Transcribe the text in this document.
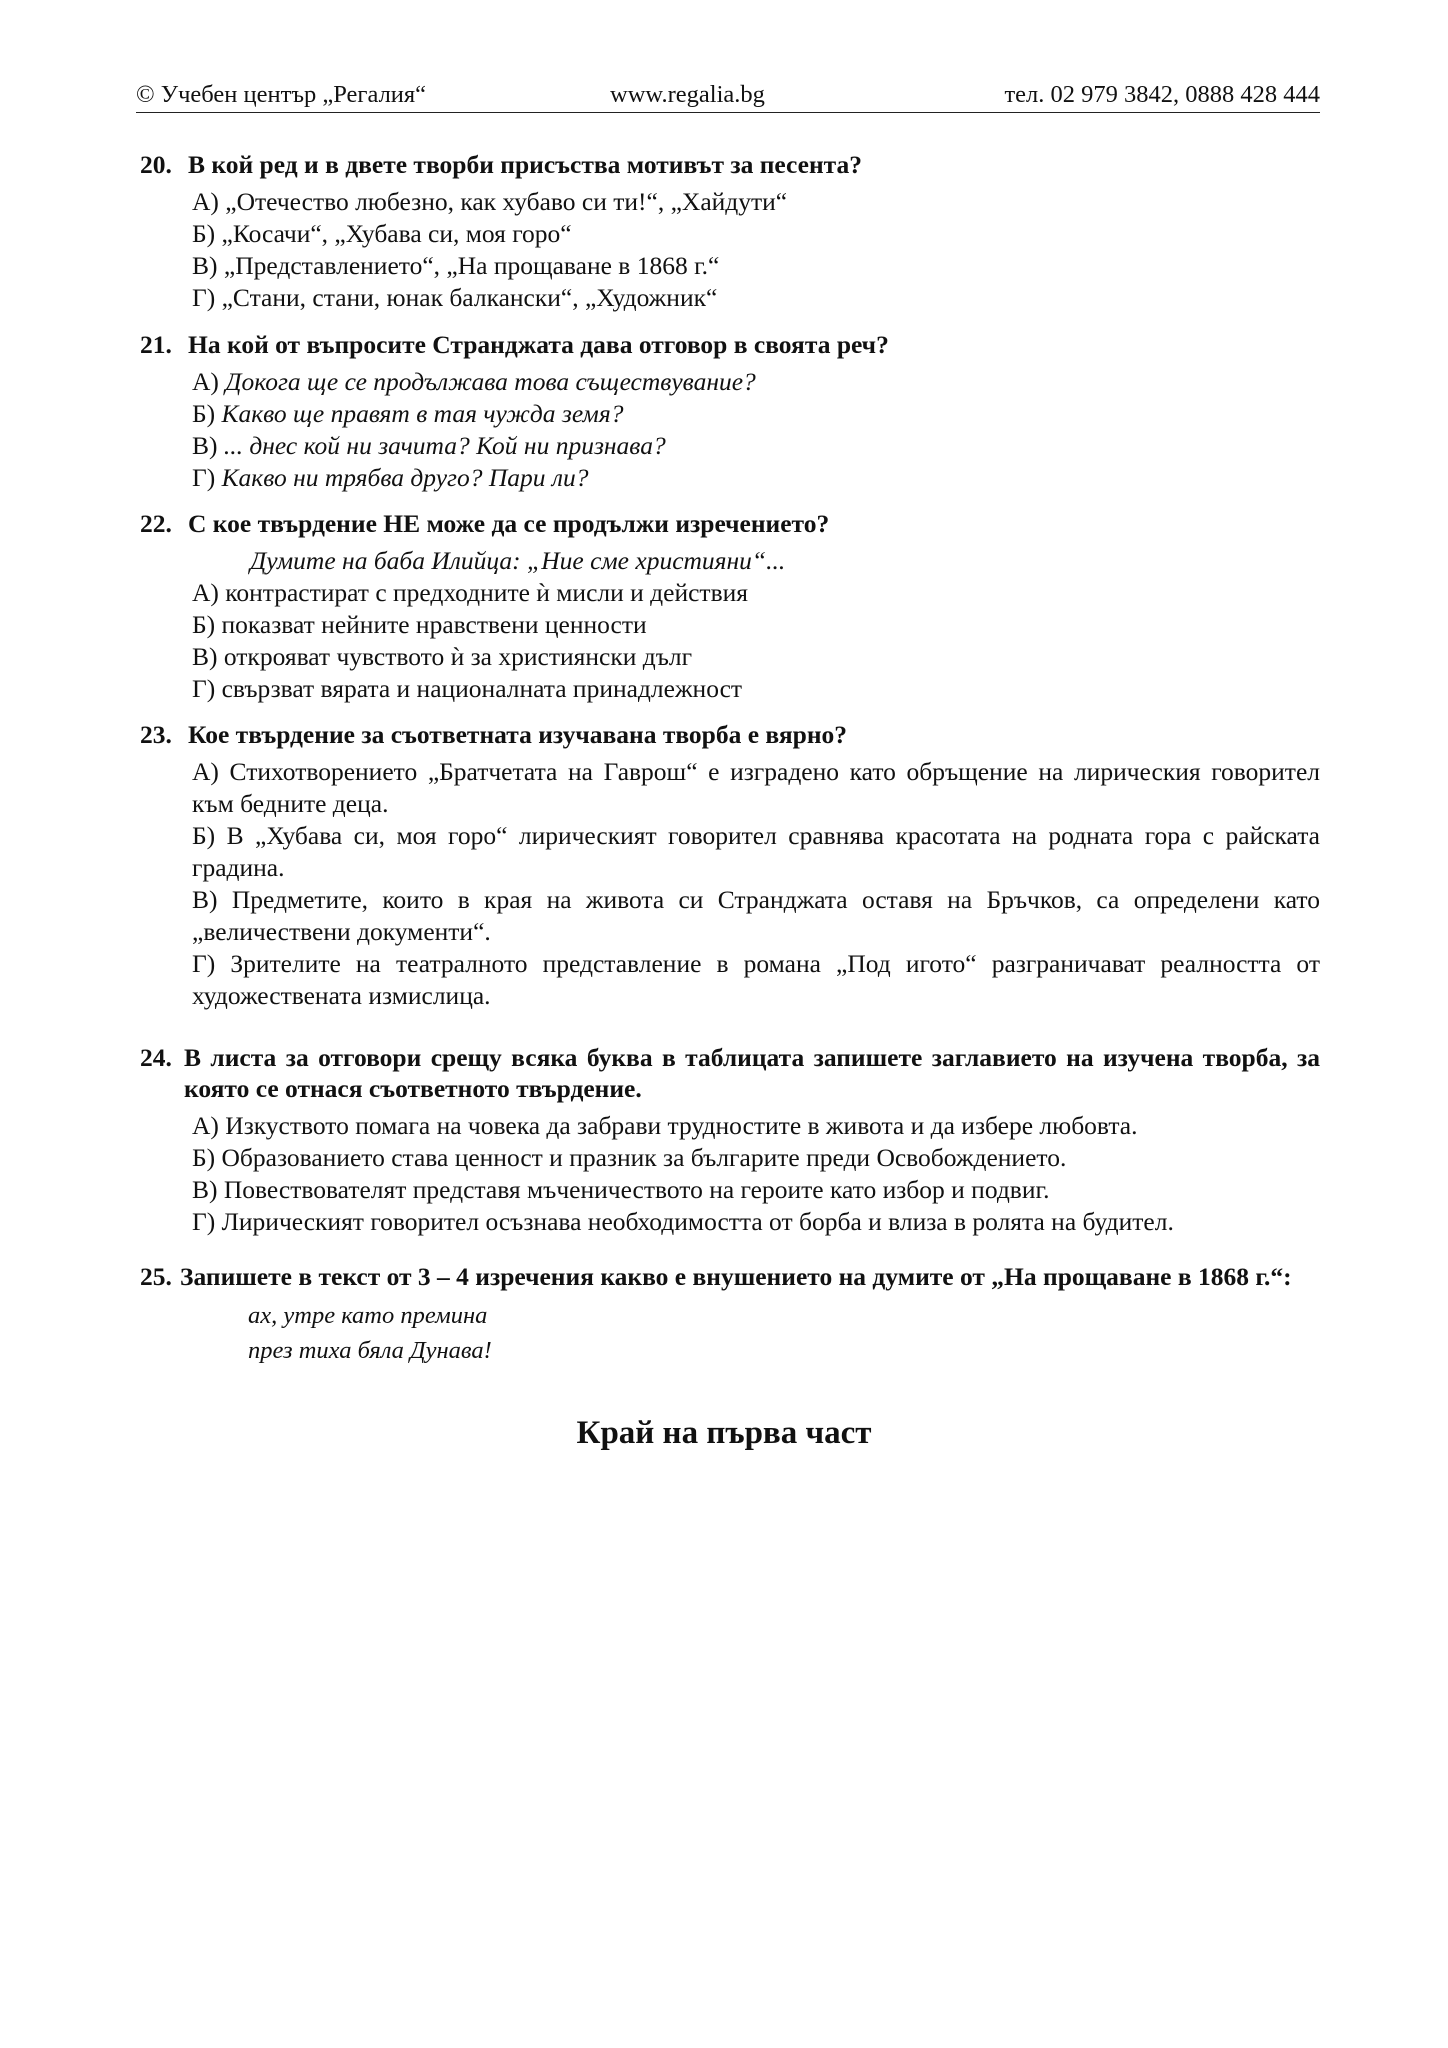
© Учебен център „Регалия“	www.regalia.bg	тел. 02 979 3842, 0888 428 444

20. В кой ред и в двете творби присъства мотивът за песента?

А) „Отечество любезно, как хубаво си ти!“, „Хайдути“
Б) „Косачи“, „Хубава си, моя горо“
В) „Представлението“, „На прощаване в 1868 г.“
Г) „Стани, стани, юнак балкански“, „Художник“

21. На кой от въпросите Странджата дава отговор в своята реч?

А) Докога ще се продължава това съществувание?
Б) Какво ще правят в тая чужда земя?
В) ... днес кой ни зачита? Кой ни признава?
Г) Какво ни трябва друго? Пари ли?

22. С кое твърдение НЕ може да се продължи изречението?

Думите на баба Илийца: „Ние сме християни“...
А) контрастират с предходните ѝ мисли и действия
Б) показват нейните нравствени ценности
В) открояват чувството ѝ за християнски дълг
Г) свързват вярата и националната принадлежност

23. Кое твърдение за съответната изучавана творба е вярно?

А) Стихотворението „Братчетата на Гаврош“ е изградено като обръщение на лирическия говорител към бедните деца.
Б) В „Хубава си, моя горо“ лирическият говорител сравнява красотата на родната гора с райската градина.
В) Предметите, които в края на живота си Странджата оставя на Бръчков, са определени като „величествени документи“.
Г) Зрителите на театралното представление в романа „Под игото“ разграничават реалността от художествената измислица.
24. В листа за отговори срещу всяка буква в таблицата запишете заглавието на изучена творба, за която се отнася съответното твърдение.
А) Изкуството помага на човека да забрави трудностите в живота и да избере любовта.
Б) Образованието става ценност и празник за българите преди Освобождението.
В) Повествователят представя мъченичеството на героите като избор и подвиг.
Г) Лирическият говорител осъзнава необходимостта от борба и влиза в ролята на будител.
25. Запишете в текст от 3 – 4 изречения какво е внушението на думите от „На прощаване в 1868 г.“:
ах, утре като премина
през тиха бяла Дунава!
Край на първа част
